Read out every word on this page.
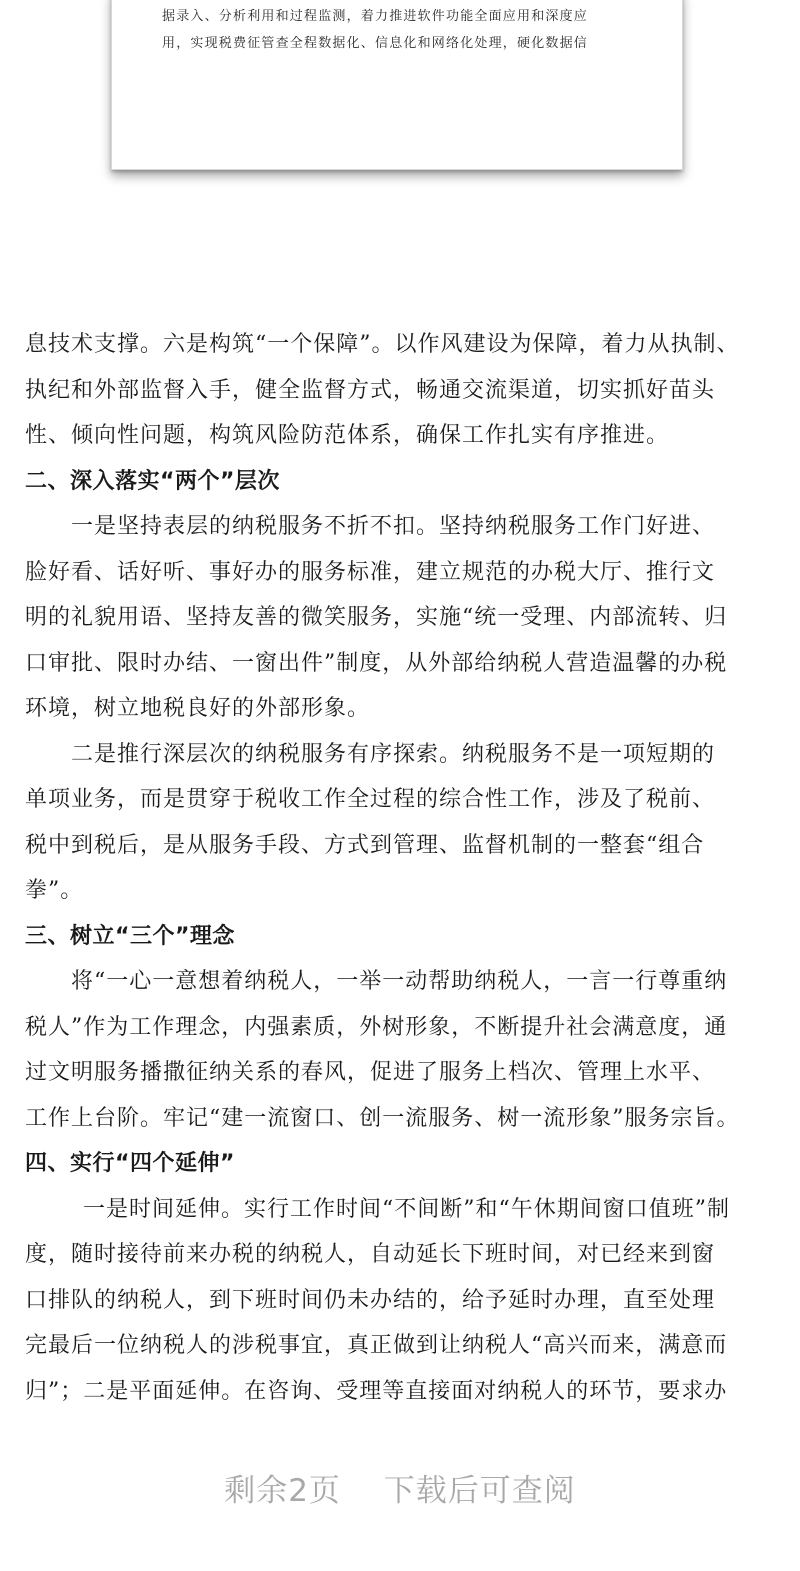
据录入、分析利用和过程监测，着力推进软件功能全面应用和深度应
用，实现税费征管查全程数据化、信息化和网络化处理，硬化数据信
息技术支撑。六是构筑“一个保障”。以作风建设为保障，着力从执制、
执纪和外部监督入手，健全监督方式，畅通交流渠道，切实抓好苗头
性、倾向性问题，构筑风险防范体系，确保工作扎实有序推进。
二、深入落实“两个”层次
一是坚持表层的纳税服务不折不扣。坚持纳税服务工作门好进、
脸好看、话好听、事好办的服务标准，建立规范的办税大厅、推行文
明的礼貌用语、坚持友善的微笑服务，实施“统一受理、内部流转、归
口审批、限时办结、一窗出件”制度，从外部给纳税人营造温馨的办税
环境，树立地税良好的外部形象。
二是推行深层次的纳税服务有序探索。纳税服务不是一项短期的
单项业务，而是贯穿于税收工作全过程的综合性工作，涉及了税前、
税中到税后，是从服务手段、方式到管理、监督机制的一整套“组合
拳”。
三、树立“三个”理念
将“一心一意想着纳税人，一举一动帮助纳税人，一言一行尊重纳
税人”作为工作理念，内强素质，外树形象，不断提升社会满意度，通
过文明服务播撒征纳关系的春风，促进了服务上档次、管理上水平、
工作上台阶。牢记“建一流窗口、创一流服务、树一流形象”服务宗旨。
四、实行“四个延伸”
一是时间延伸。实行工作时间“不间断”和“午休期间窗口值班”制
度，随时接待前来办税的纳税人，自动延长下班时间，对已经来到窗
口排队的纳税人，到下班时间仍未办结的，给予延时办理，直至处理
完最后一位纳税人的涉税事宜，真正做到让纳税人“高兴而来，满意而
归”；二是平面延伸。在咨询、受理等直接面对纳税人的环节，要求办
剩余2页 下载后可查阅
